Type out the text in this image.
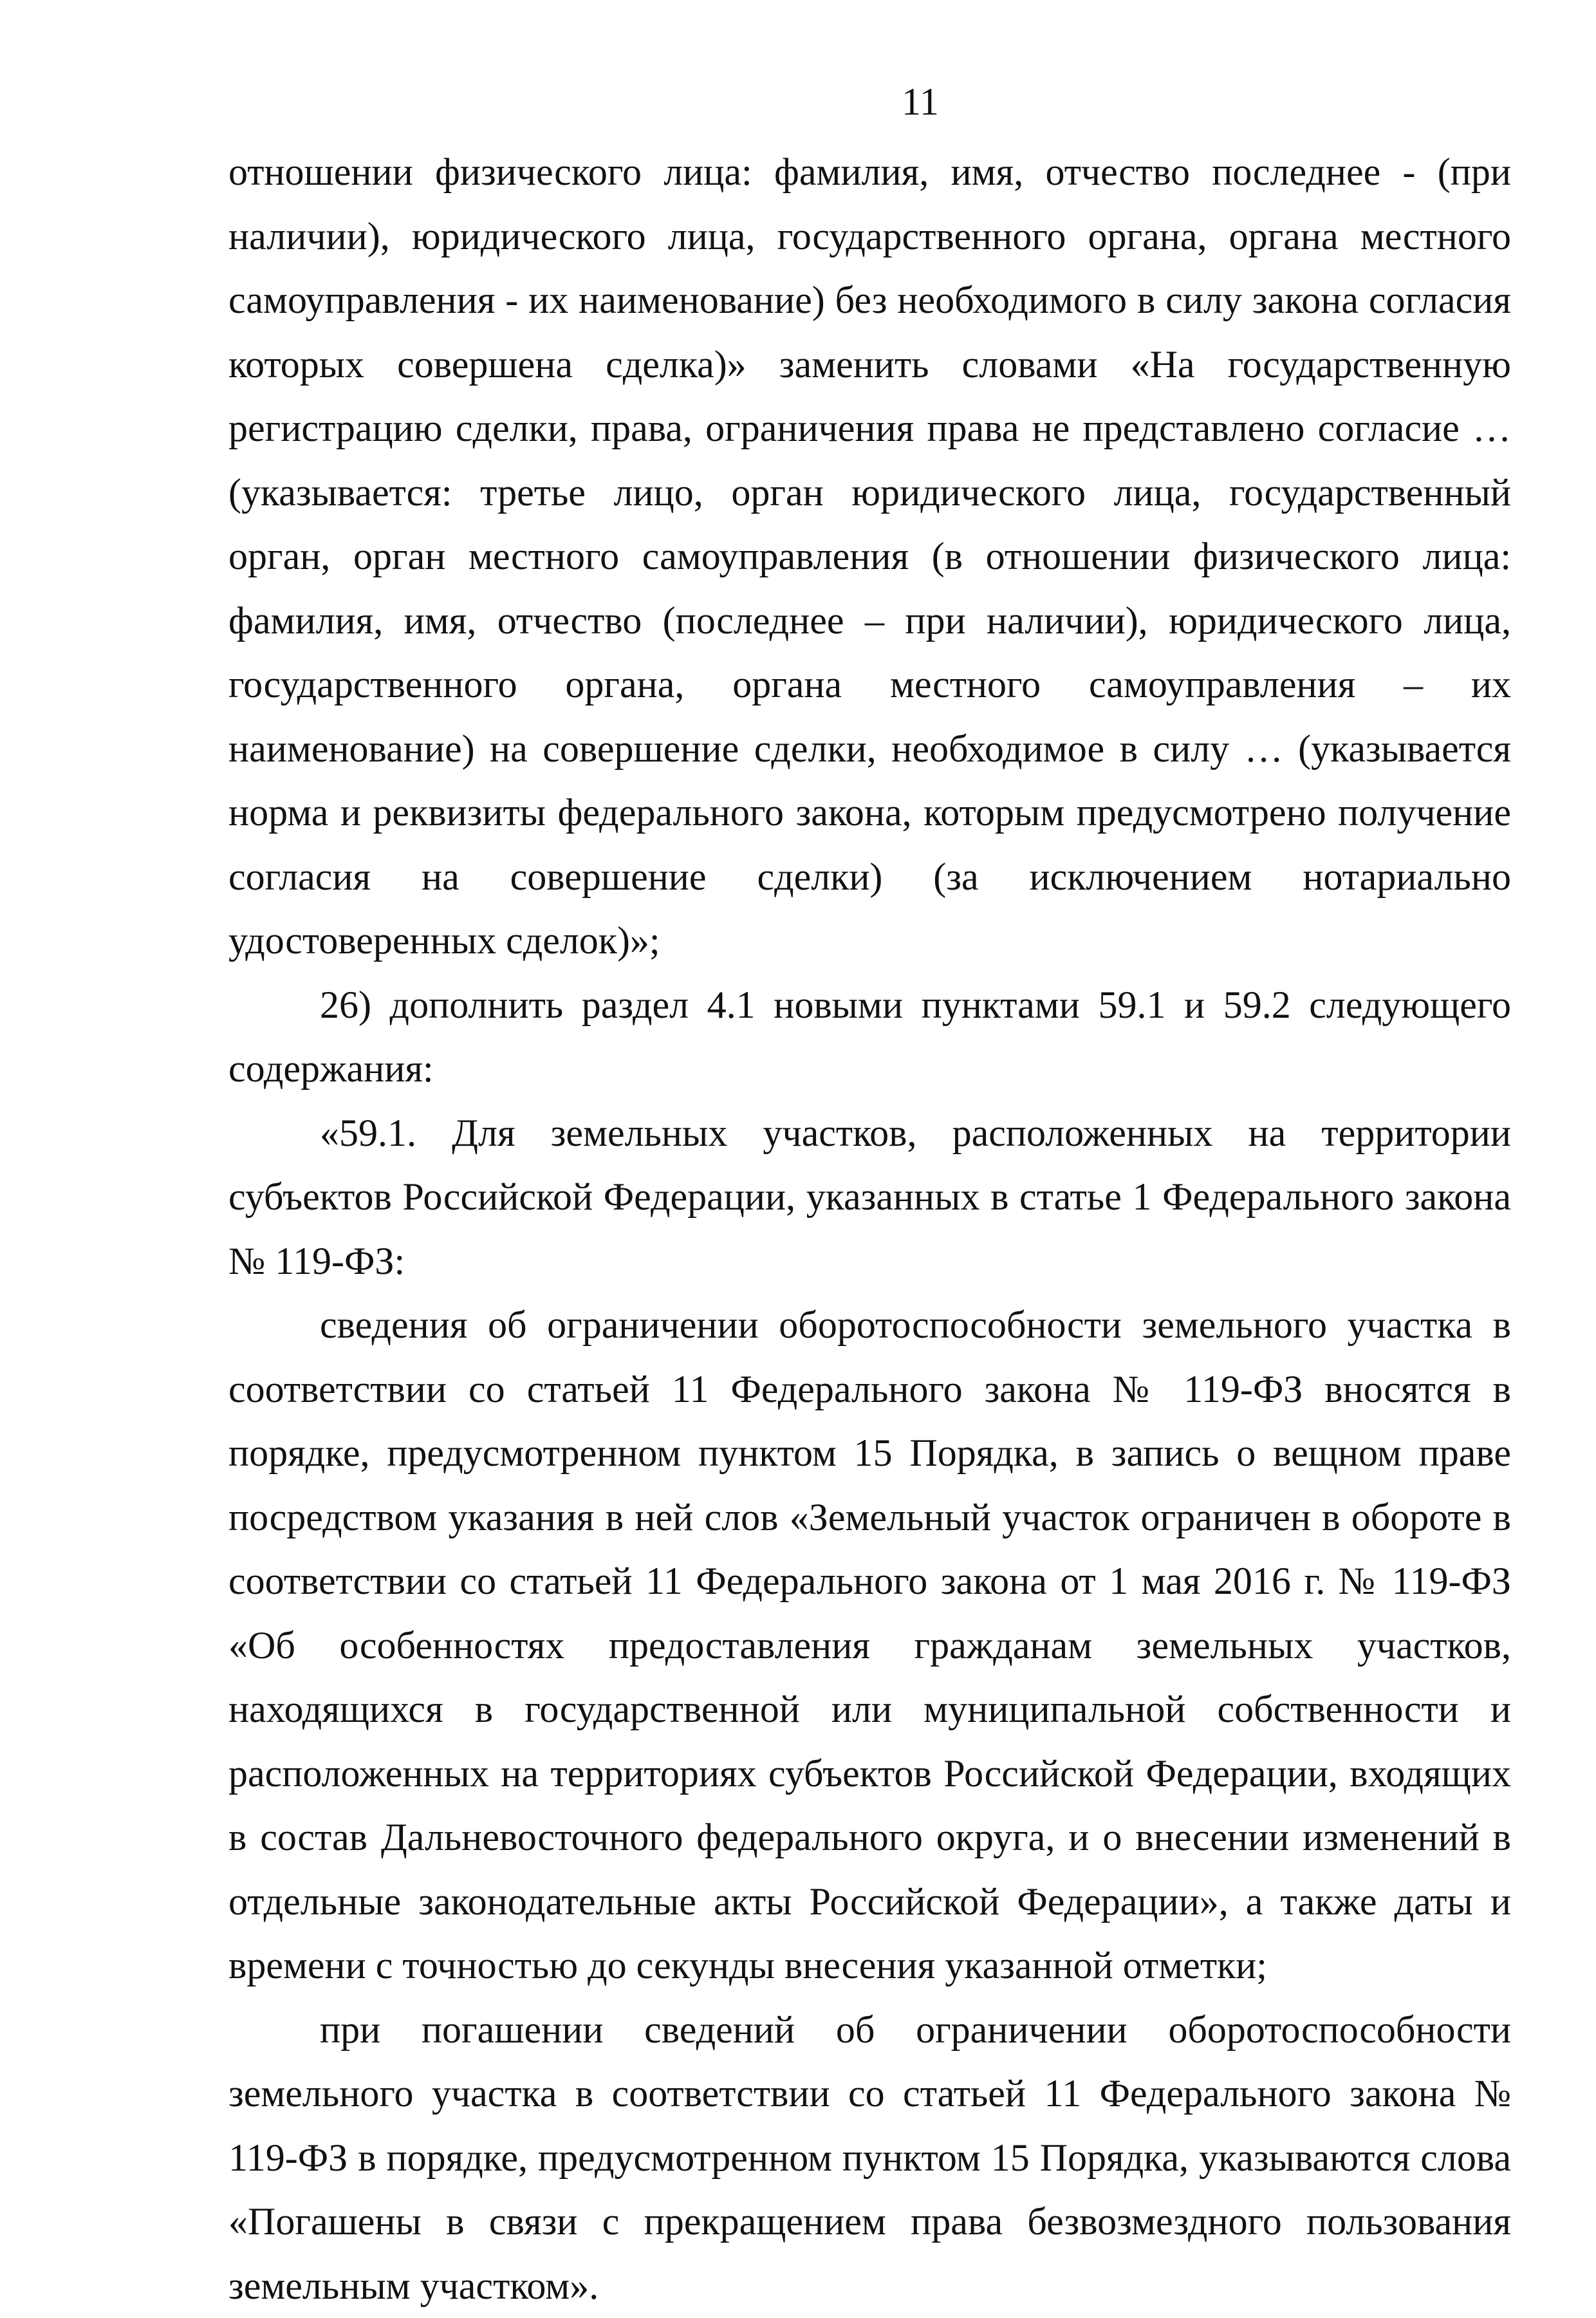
11

отношении физического лица: фамилия, имя, отчество последнее - (при наличии), юридического лица, государственного органа, органа местного самоуправления - их наименование) без необходимого в силу закона согласия которых совершена сделка)» заменить словами «На государственную регистрацию сделки, права, ограничения права не представлено согласие … (указывается: третье лицо, орган юридического лица, государственный орган, орган местного самоуправления (в отношении физического лица: фамилия, имя, отчество (последнее – при наличии), юридического лица, государственного органа, органа местного самоуправления – их наименование) на совершение сделки, необходимое в силу … (указывается норма и реквизиты федерального закона, которым предусмотрено получение согласия на совершение сделки) (за исключением нотариально удостоверенных сделок)»;

26) дополнить раздел 4.1 новыми пунктами 59.1 и 59.2 следующего содержания:

«59.1. Для земельных участков, расположенных на территории субъектов Российской Федерации, указанных в статье 1 Федерального закона № 119-ФЗ:

сведения об ограничении оборотоспособности земельного участка в соответствии со статьей 11 Федерального закона № 119-ФЗ вносятся в порядке, предусмотренном пунктом 15 Порядка, в запись о вещном праве посредством указания в ней слов «Земельный участок ограничен в обороте в соответствии со статьей 11 Федерального закона от 1 мая 2016 г. № 119-ФЗ «Об особенностях предоставления гражданам земельных участков, находящихся в государственной или муниципальной собственности и расположенных на территориях субъектов Российской Федерации, входящих в состав Дальневосточного федерального округа, и о внесении изменений в отдельные законодательные акты Российской Федерации», а также даты и времени с точностью до секунды внесения указанной отметки;

при погашении сведений об ограничении оборотоспособности земельного участка в соответствии со статьей 11 Федерального закона № 119-ФЗ в порядке, предусмотренном пунктом 15 Порядка, указываются слова «Погашены в связи с прекращением права безвозмездного пользования земельным участком».
